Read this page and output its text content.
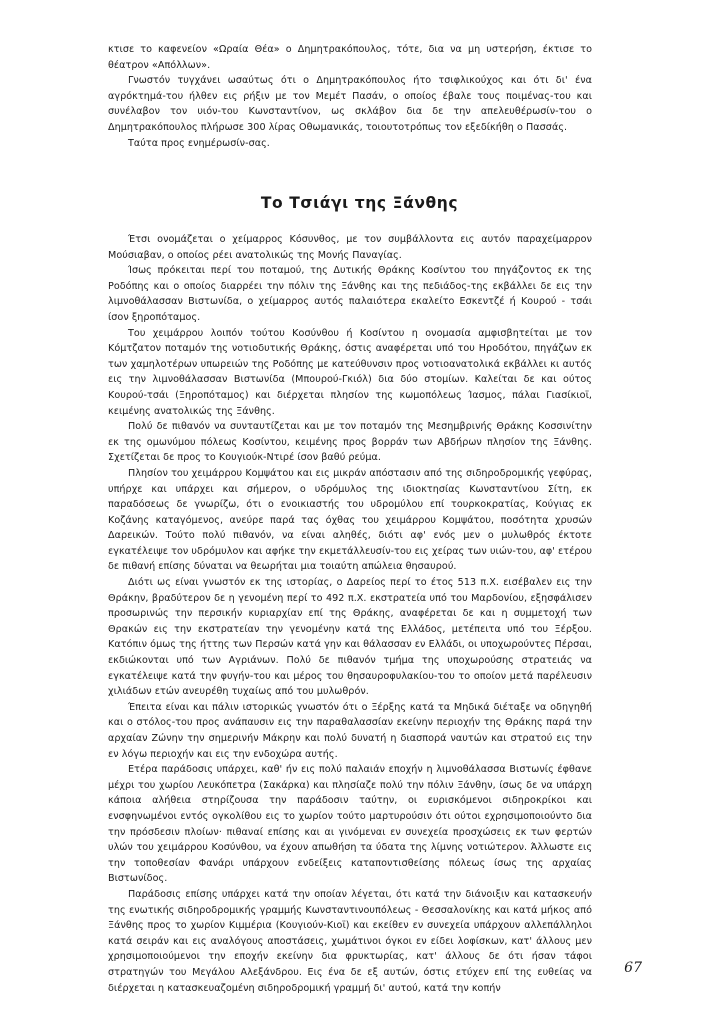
κτισε το καφενείον «Ωραία Θέα» ο Δημητρακόπουλος, τότε, δια να μη υστερήση, έκτισε το θέατρον «Απόλλων».

Γνωστόν τυγχάνει ωσαύτως ότι ο Δημητρακόπουλος ήτο τσιφλικούχος και ότι δι' ένα αγρόκτημά-του ήλθεν εις ρήξιν με τον Μεμέτ Πασάν, ο οποίος έβαλε τους ποιμένας-του και συνέλαβον τον υιόν-του Κωνσταντίνον, ως σκλάβον δια δε την απελευθέρωσίν-του ο Δημητρακόπουλος πλήρωσε 300 λίρας Οθωμανικάς, τοιουτοτρόπως τον εξεδίκήθη ο Πασσάς.

Ταύτα προς ενημέρωσίν-σας.

Το Τσιάγι της Ξάνθης

Έτσι ονομάζεται ο χείμαρρος Κόσυνθος, με τον συμβάλλοντα εις αυτόν παραχείμαρρον Μούσιαβαν, ο οποίος ρέει ανατολικώς της Μονής Παναγίας.

Ίσως πρόκειται περί του ποταμού, της Δυτικής Θράκης Κοσίντου του πηγάζοντος εκ της Ροδόπης και ο οποίος διαρρέει την πόλιν της Ξάνθης και της πεδιάδος-της εκβάλλει δε εις την λιμνοθάλασσαν Βιστωνίδα, ο χείμαρρος αυτός παλαιότερα εκαλείτο Εσκεντζέ ή Κουρού - τσάι ίσον ξηροπόταμος.

Του χειμάρρου λοιπόν τούτου Κοσύνθου ή Κοσίντου η ονομασία αμφισβητείται με τον Κόμτζατον ποταμόν της νοτιοδυτικής Θράκης, όστις αναφέρεται υπό του Ηροδότου, πηγάζων εκ των χαμηλοτέρων υπωρειών της Ροδόπης με κατεύθυνσιν προς νοτιοανατολικά εκβάλλει κι αυτός εις την λιμνοθάλασσαν Βιστωνίδα (Μπουρού-Γκιόλ) δια δύο στομίων. Καλείται δε και ούτος Κουρού-τσάι (Ξηροπόταμος) και διέρχεται πλησίον της κωμοπόλεως Ίασμος, πάλαι Γιασίκιοϊ, κειμένης ανατολικώς της Ξάνθης.

Πολύ δε πιθανόν να συνταυτίζεται και με τον ποταμόν της Μεσημβρινής Θράκης Κοσσινίτην εκ της ομωνύμου πόλεως Κοσίντου, κειμένης προς βορράν των Αβδήρων πλησίον της Ξάνθης. Σχετίζεται δε προς το Κουγιούκ-Ντιρέ ίσον βαθύ ρεύμα.

Πλησίον του χειμάρρου Κομψάτου και εις μικράν απόστασιν από της σιδηροδρομικής γεφύρας, υπήρχε και υπάρχει και σήμερον, ο υδρόμυλος της ιδιοκτησίας Κωνσταντίνου Σίτη, εκ παραδόσεως δε γνωρίζω, ότι ο ενοικιαστής του υδρομύλου επί τουρκοκρατίας, Κούγιας εκ Κοζάνης καταγόμενος, ανεύρε παρά τας όχθας του χειμάρρου Κομψάτου, ποσότητα χρυσών Δαρεικών. Τούτο πολύ πιθανόν, να είναι αληθές, διότι αφ' ενός μεν ο μυλωθρός έκτοτε εγκατέλειψε τον υδρόμυλον και αφήκε την εκμετάλλευσίν-του εις χείρας των υιών-του, αφ' ετέρου δε πιθανή επίσης δύναται να θεωρήται μια τοιαύτη απώλεια θησαυρού.

Διότι ως είναι γνωστόν εκ της ιστορίας, ο Δαρείος περί το έτος 513 π.Χ. εισέβαλεν εις την Θράκην, βραδύτερον δε η γενομένη περί το 492 π.Χ. εκστρατεία υπό του Μαρδονίου, εξησφάλισεν προσωρινώς την περσικήν κυριαρχίαν επί της Θράκης, αναφέρεται δε και η συμμετοχή των Θρακών εις την εκστρατείαν την γενομένην κατά της Ελλάδος, μετέπειτα υπό του Ξέρξου. Κατόπιν όμως της ήττης των Περσών κατά γην και θάλασσαν εν Ελλάδι, οι υποχωρούντες Πέρσαι, εκδιώκονται υπό των Αγριάνων. Πολύ δε πιθανόν τμήμα της υποχωρούσης στρατειάς να εγκατέλειψε κατά την φυγήν-του και μέρος του θησαυροφυλακίου-του το οποίον μετά παρέλευσιν χιλιάδων ετών ανευρέθη τυχαίως από του μυλωθρόν.

Έπειτα είναι και πάλιν ιστορικώς γνωστόν ότι ο Ξέρξης κατά τα Μηδικά διέταξε να οδηγηθή και ο στόλος-του προς ανάπαυσιν εις την παραθαλασσίαν εκείνην περιοχήν της Θράκης παρά την αρχαίαν Ζώνην την σημερινήν Μάκρην και πολύ δυνατή η διασπορά ναυτών και στρατού εις την εν λόγω περιοχήν και εις την ενδοχώρα αυτής.

Ετέρα παράδοσις υπάρχει, καθ' ήν εις πολύ παλαιάν εποχήν η λιμνοθάλασσα Βιστωνίς έφθανε μέχρι του χωρίου Λευκόπετρα (Σακάρκα) και πλησίαζε πολύ την πόλιν Ξάνθην, ίσως δε να υπάρχη κάποια αλήθεια στηρίζουσα την παράδοσιν ταύτην, οι ευρισκόμενοι σιδηροκρίκοι και ενσφηνωμένοι εντός ογκολίθου εις το χωρίον τούτο μαρτυρούσιν ότι ούτοι εχρησιμοποιούντο δια την πρόσδεσιν πλοίων· πιθαναί επίσης και αι γινόμεναι εν συνεχεία προσχώσεις εκ των φερτών υλών του χειμάρρου Κοσύνθου, να έχουν απωθήση τα ύδατα της λίμνης νοτιώτερον. Άλλωστε εις την τοποθεσίαν Φανάρι υπάρχουν ενδείξεις καταποντισθείσης πόλεως ίσως της αρχαίας Βιστωνίδος.

Παράδοσις επίσης υπάρχει κατά την οποίαν λέγεται, ότι κατά την διάνοιξιν και κατασκευήν της ενωτικής σιδηροδρομικής γραμμής Κωνσταντινουπόλεως - Θεσσαλονίκης και κατά μήκος από Ξάνθης προς το χωρίον Κιμμέρια (Κουγιούν-Κιοϊ) και εκείθεν εν συνεχεία υπάρχουν αλλεπάλληλοι κατά σειράν και εις αναλόγους αποστάσεις, χωμάτινοι όγκοι εν είδει λοφίσκων, κατ' άλλους μεν χρησιμοποιούμενοι την εποχήν εκείνην δια φρυκτωρίας, κατ' άλλους δε ότι ήσαν τάφοι στρατηγών του Μεγάλου Αλεξάνδρου. Εις ένα δε εξ αυτών, όστις ετύχεν επί της ευθείας να διέρχεται η κατασκευαζομένη σιδηροδρομική γραμμή δι' αυτού, κατά την κοπήν

67
